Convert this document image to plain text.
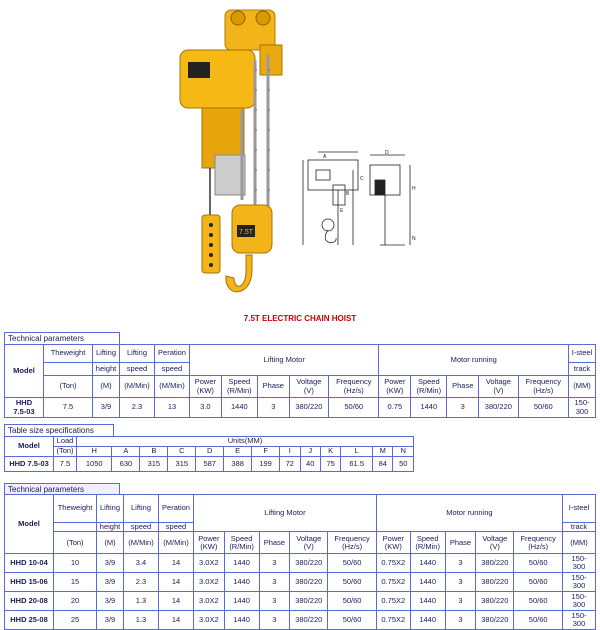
7.5T
A
B
C
E
D
H
N
7.5T ELECTRIC CHAIN HOIST
Technical parameters
Model	Theweight	Lifting	Lifting	Peration	Lifting Motor					Motor running					I-steel
		height	speed	speed											track
	(Ton)	(M)	(M/Min)	(M/Min)	Power
(KW)	Speed
(R/Min)	Phase	Voltage
(V)	Frequency
(Hz/s)	Power
(KW)	Speed
(R/Min)	Phase	Voltage
(V)	Frequency
(Hz/s)	(MM)
HHD
7.5-03	7.5	3/9	2.3	13	3.0	1440	3	380/220	50/60	0.75	1440	3	380/220	50/60	150-
300
Table size specifications
Model	Load	Units(MM)												
	(Ton)	H	A	B	C	D	E	F	I	J	K	L	M	N
HHD 7.5-03	7.5	1050	630	315	315	587	388	199	72	40	75	61.5	84	50
Technical parameters
Model	Theweight	Lifting	Lifting	Peration	Lifting Motor					Motor running					I-steel
		height	speed	speed											track
	(Ton)	(M)	(M/Min)	(M/Min)	Power
(KW)	Speed
(R/Min)	Phase	Voltage
(V)	Frequency
(Hz/s)	Power
(KW)	Speed
(R/Min)	Phase	Voltage
(V)	Frequency
(Hz/s)	(MM)
HHD 10-04	10	3/9	3.4	14	3.0X2	1440	3	380/220	50/60	0.75X2	1440	3	380/220	50/60	150-
300
HHD 15-06	15	3/9	2.3	14	3.0X2	1440	3	380/220	50/60	0.75X2	1440	3	380/220	50/60	150-
300
HHD 20-08	20	3/9	1.3	14	3.0X2	1440	3	380/220	50/60	0.75X2	1440	3	380/220	50/60	150-
300
HHD 25-08	25	3/9	1.3	14	3.0X2	1440	3	380/220	50/60	0.75X2	1440	3	380/220	50/60	150-
300
